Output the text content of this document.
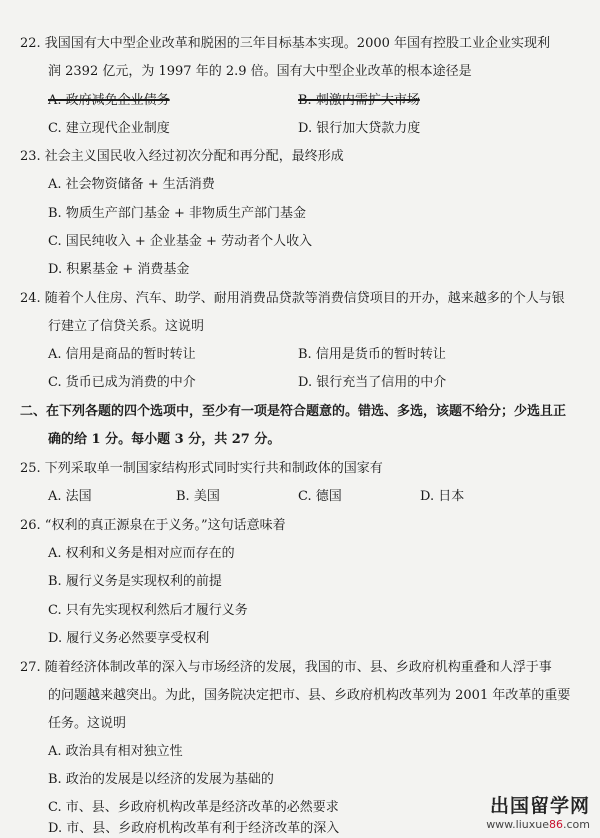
22. 我国国有大中型企业改革和脱困的三年目标基本实现。2000 年国有控股工业企业实现利
润 2392 亿元，为 1997 年的 2.9 倍。国有大中型企业改革的根本途径是
A. 政府减免企业债务	B. 刺激内需扩大市场
C. 建立现代企业制度	D. 银行加大贷款力度
23. 社会主义国民收入经过初次分配和再分配，最终形成
A. 社会物资储备 + 生活消费
B. 物质生产部门基金 + 非物质生产部门基金
C. 国民纯收入 + 企业基金 + 劳动者个人收入
D. 积累基金 + 消费基金
24. 随着个人住房、汽车、助学、耐用消费品贷款等消费信贷项目的开办，越来越多的个人与银
行建立了信贷关系。这说明
A. 信用是商品的暂时转让	B. 信用是货币的暂时转让
C. 货币已成为消费的中介	D. 银行充当了信用的中介
二、在下列各题的四个选项中，至少有一项是符合题意的。错选、多选，该题不给分；少选且正
确的给 1 分。每小题 3 分，共 27 分。
25. 下列采取单一制国家结构形式同时实行共和制政体的国家有
A. 法国	B. 美国	C. 德国	D. 日本
26. “权利的真正源泉在于义务。”这句话意味着
A. 权利和义务是相对应而存在的
B. 履行义务是实现权利的前提
C. 只有先实现权利然后才履行义务
D. 履行义务必然要享受权利
27. 随着经济体制改革的深入与市场经济的发展，我国的市、县、乡政府机构重叠和人浮于事
的问题越来越突出。为此，国务院决定把市、县、乡政府机构改革列为 2001 年改革的重要
任务。这说明
A. 政治具有相对独立性
B. 政治的发展是以经济的发展为基础的
C. 市、县、乡政府机构改革是经济改革的必然要求
D. 市、县、乡政府机构改革有利于经济改革的深入
出国留学网
www.liuxue86.com
